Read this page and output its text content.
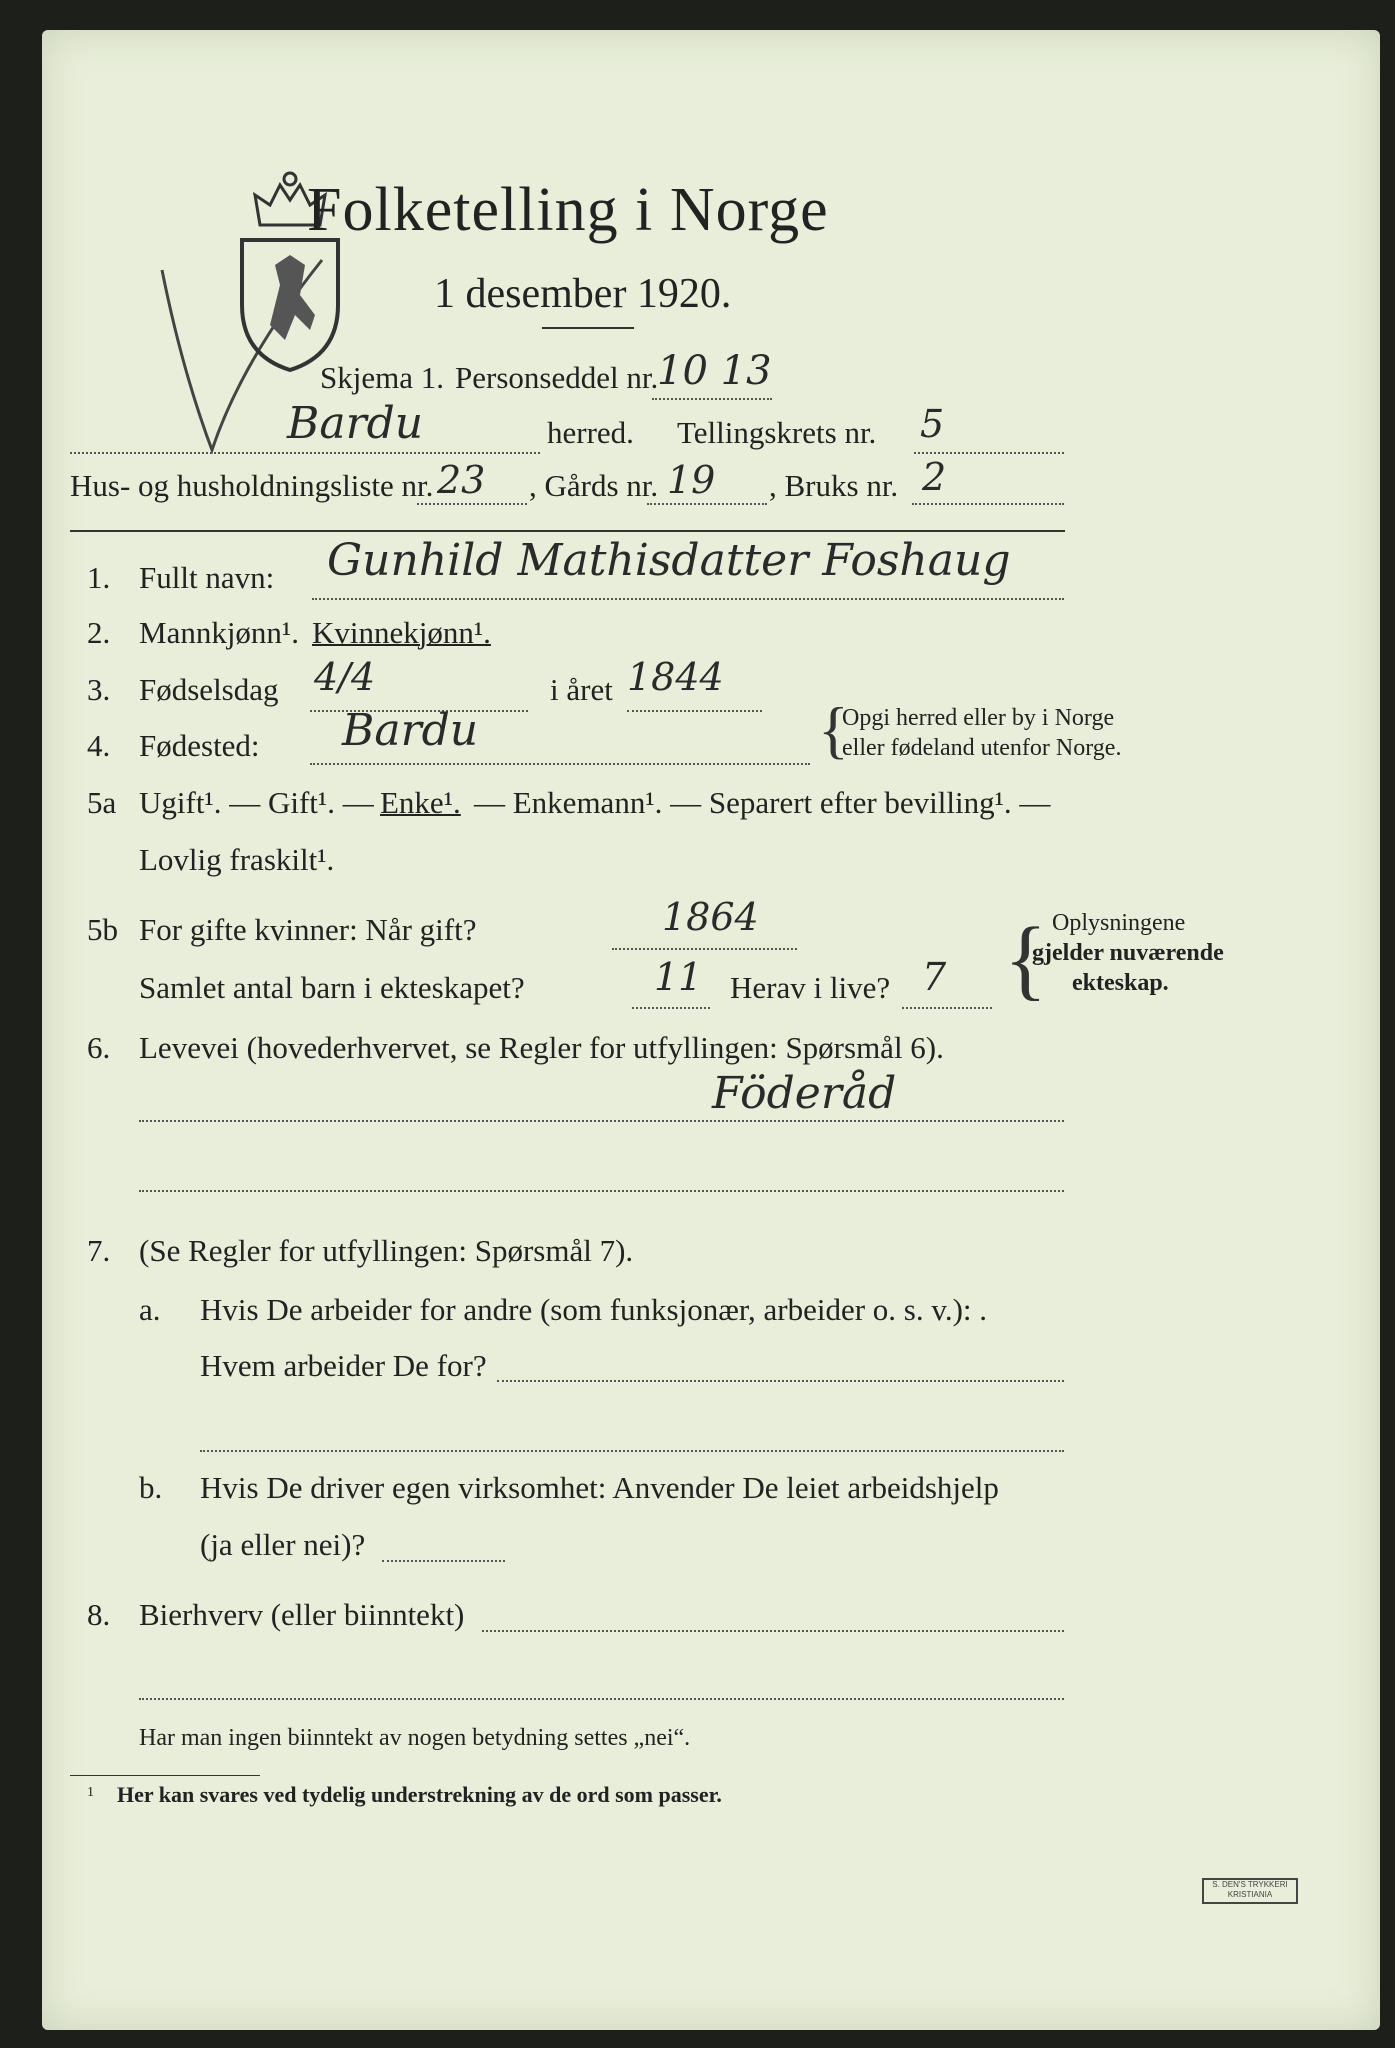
Folketelling i Norge
1 desember 1920.
Skjema 1. Personseddel nr.
10 13
Bardu	herred. Tellingskrets nr. 5
Hus- og husholdningsliste nr. 23 , Gårds nr. 19 , Bruks nr. 2
1. Fullt navn: Gunhild Mathisdatter Foshaug
2. Mannkjønn¹. Kvinnekjønn¹.
3. Fødselsdag 4/4	i året 1844
4. Fødested: Bardu	{
Opgi herred eller by i Norge
eller fødeland utenfor Norge.
5a Ugift¹. — Gift¹. — Enke¹. — Enkemann¹. — Separert efter bevilling¹. —
Lovlig fraskilt¹.
5b For gifte kvinner: Når gift?	1864
Samlet antal barn i ekteskapet?	11 Herav i live? 7 { Oplysningene
gjelder nuværende
ekteskap.
6. Levevei (hovederhvervet, se Regler for utfyllingen: Spørsmål 6).
Föderåd
7. (Se Regler for utfyllingen: Spørsmål 7).
a. Hvis De arbeider for andre (som funksjonær, arbeider o. s. v.): .
Hvem arbeider De for?
b. Hvis De driver egen virksomhet: Anvender De leiet arbeidshjelp
(ja eller nei)?
8. Bierhverv (eller biinntekt)
Har man ingen biinntekt av nogen betydning settes „nei“.
1 Her kan svares ved tydelig understrekning av de ord som passer.
S. DEN'S TRYKKERI KRISTIANIA
